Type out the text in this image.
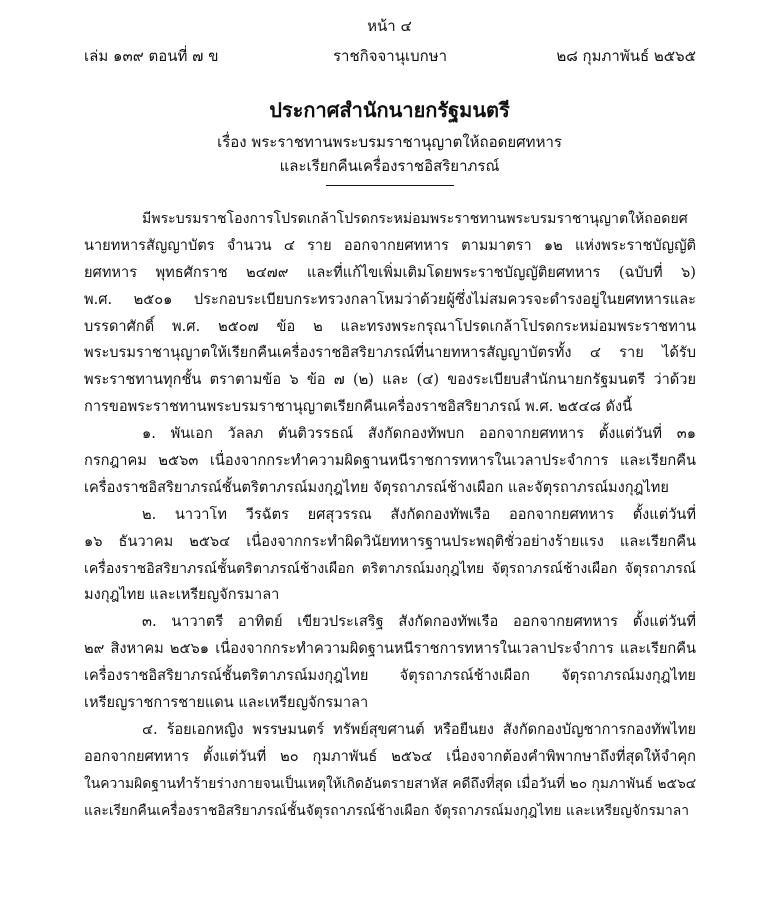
หน้า ๔
เล่ม ๑๓๙ ตอนที่ ๗ ข	ราชกิจจานุเบกษา	๒๘ กุมภาพันธ์ ๒๕๖๕
ประกาศสำนักนายกรัฐมนตรี
เรื่อง พระราชทานพระบรมราชานุญาตให้ถอดยศทหาร
และเรียกคืนเครื่องราชอิสริยาภรณ์
มีพระบรมราชโองการโปรดเกล้าโปรดกระหม่อมพระราชทานพระบรมราชานุญาตให้ถอดยศ
นายทหารสัญญาบัตร จำนวน ๔ ราย ออกจากยศทหาร ตามมาตรา ๑๒ แห่งพระราชบัญญัติ
ยศทหาร พุทธศักราช ๒๔๗๙ และที่แก้ไขเพิ่มเติมโดยพระราชบัญญัติยศทหาร (ฉบับที่ ๖)
พ.ศ. ๒๕๐๑ ประกอบระเบียบกระทรวงกลาโหมว่าด้วยผู้ซึ่งไม่สมควรจะดำรงอยู่ในยศทหารและ
บรรดาศักดิ์ พ.ศ. ๒๕๐๗ ข้อ ๒ และทรงพระกรุณาโปรดเกล้าโปรดกระหม่อมพระราชทาน
พระบรมราชานุญาตให้เรียกคืนเครื่องราชอิสริยาภรณ์ที่นายทหารสัญญาบัตรทั้ง ๔ ราย ได้รับ
พระราชทานทุกชั้น ตราตามข้อ ๖ ข้อ ๗ (๒) และ (๔) ของระเบียบสำนักนายกรัฐมนตรี ว่าด้วย
การขอพระราชทานพระบรมราชานุญาตเรียกคืนเครื่องราชอิสริยาภรณ์ พ.ศ. ๒๕๔๘ ดังนี้
๑. พันเอก วัลลภ ตันติวรรธณ์ สังกัดกองทัพบก ออกจากยศทหาร ตั้งแต่วันที่ ๓๑
กรกฎาคม ๒๕๖๓ เนื่องจากกระทำความผิดฐานหนีราชการทหารในเวลาประจำการ และเรียกคืน
เครื่องราชอิสริยาภรณ์ชั้นตริตาภรณ์มงกุฎไทย จัตุรถาภรณ์ช้างเผือก และจัตุรถาภรณ์มงกุฎไทย
๒. นาวาโท วีรฉัตร ยศสุวรรณ สังกัดกองทัพเรือ ออกจากยศทหาร ตั้งแต่วันที่
๑๖ ธันวาคม ๒๕๖๔ เนื่องจากกระทำผิดวินัยทหารฐานประพฤติชั่วอย่างร้ายแรง และเรียกคืน
เครื่องราชอิสริยาภรณ์ชั้นตริตาภรณ์ช้างเผือก ตริตาภรณ์มงกุฎไทย จัตุรถาภรณ์ช้างเผือก จัตุรถาภรณ์
มงกุฎไทย และเหรียญจักรมาลา
๓. นาวาตรี อาทิตย์ เขียวประเสริฐ สังกัดกองทัพเรือ ออกจากยศทหาร ตั้งแต่วันที่
๒๙ สิงหาคม ๒๕๖๑ เนื่องจากกระทำความผิดฐานหนีราชการทหารในเวลาประจำการ และเรียกคืน
เครื่องราชอิสริยาภรณ์ชั้นตริตาภรณ์มงกุฎไทย จัตุรถาภรณ์ช้างเผือก จัตุรถาภรณ์มงกุฎไทย
เหรียญราชการชายแดน และเหรียญจักรมาลา
๔. ร้อยเอกหญิง พรรษมนตร์ ทรัพย์สุขศานต์ หรือยืนยง สังกัดกองบัญชาการกองทัพไทย
ออกจากยศทหาร ตั้งแต่วันที่ ๒๐ กุมภาพันธ์ ๒๕๖๔ เนื่องจากต้องคำพิพากษาถึงที่สุดให้จำคุก
ในความผิดฐานทำร้ายร่างกายจนเป็นเหตุให้เกิดอันตรายสาหัส คดีถึงที่สุด เมื่อวันที่ ๒๐ กุมภาพันธ์ ๒๕๖๔
และเรียกคืนเครื่องราชอิสริยาภรณ์ชั้นจัตุรถาภรณ์ช้างเผือก จัตุรถาภรณ์มงกุฎไทย และเหรียญจักรมาลา
